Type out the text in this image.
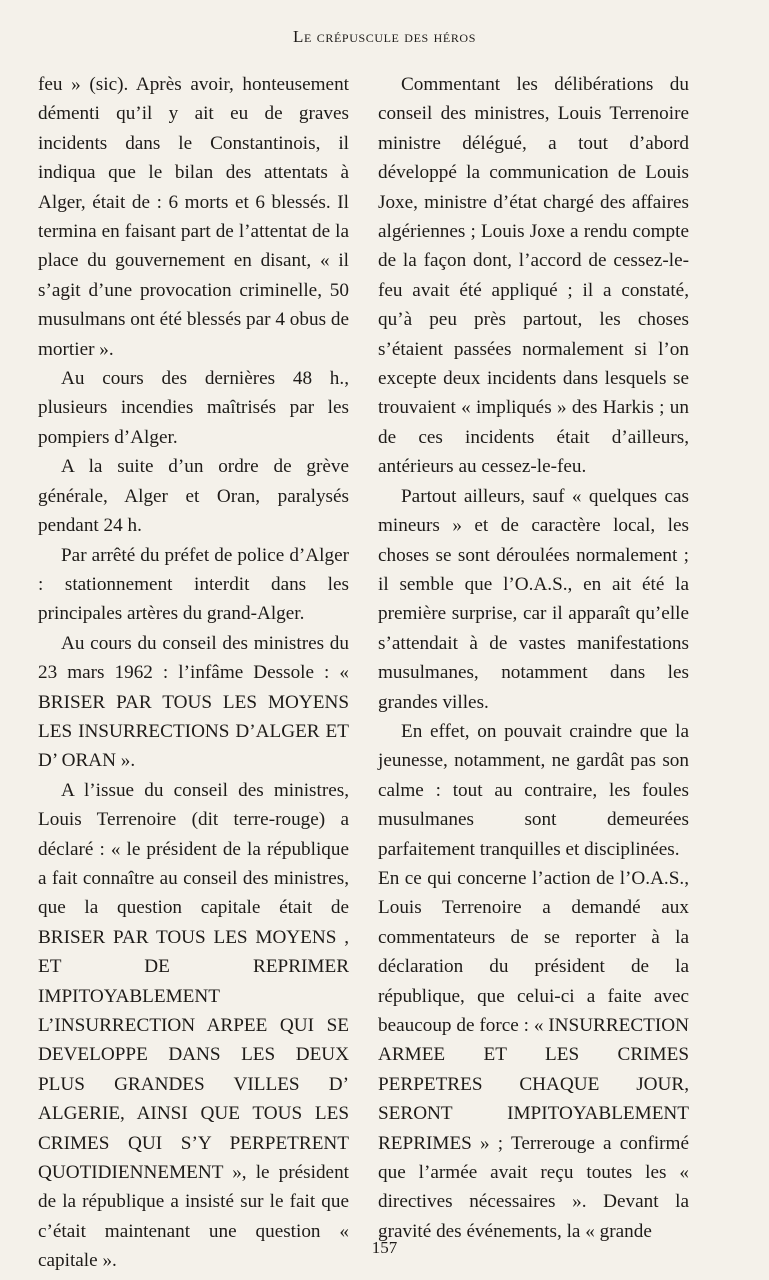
Le crépuscule des héros

feu » (sic). Après avoir, honteusement démenti qu’il y ait eu de graves incidents dans le Constantinois, il indiqua que le bilan des attentats à Alger, était de : 6 morts et 6 blessés. Il termina en faisant part de l’attentat de la place du gouvernement en disant, « il s’agit d’une provocation criminelle, 50 musulmans ont été blessés par 4 obus de mortier ».

Au cours des dernières 48 h., plusieurs incendies maîtrisés par les pompiers d’Alger.

A la suite d’un ordre de grève générale, Alger et Oran, paralysés pendant 24 h.

Par arrêté du préfet de police d’Alger : stationnement interdit dans les principales artères du grand-Alger.

Au cours du conseil des ministres du 23 mars 1962 : l’infâme Dessole : « BRISER PAR TOUS LES MOYENS LES INSURRECTIONS D’ALGER ET D’ ORAN ».

A l’issue du conseil des ministres, Louis Terrenoire (dit terre-rouge) a déclaré : « le président de la république a fait connaître au conseil des ministres, que la question capitale était de BRISER PAR TOUS LES MOYENS , ET DE REPRIMER IMPITOYABLEMENT L’INSURRECTION ARPEE QUI SE DEVELOPPE DANS LES DEUX PLUS GRANDES VILLES D’ ALGERIE, AINSI QUE TOUS LES CRIMES QUI S’Y PERPETRENT QUOTIDIENNEMENT », le président de la république a insisté sur le fait que c’était maintenant une question « capitale ».

Commentant les délibérations du conseil des ministres, Louis Terrenoire ministre délégué, a tout d’abord développé la communication de Louis Joxe, ministre d’état chargé des affaires algériennes ; Louis Joxe a rendu compte de la façon dont, l’accord de cessez-le-feu avait été appliqué ; il a constaté, qu’à peu près partout, les choses s’étaient passées normalement si l’on excepte deux incidents dans lesquels se trouvaient « impliqués » des Harkis ; un de ces incidents était d’ailleurs, antérieurs au cessez-le-feu.

Partout ailleurs, sauf « quelques cas mineurs » et de caractère local, les choses se sont déroulées normalement ; il semble que l’O.A.S., en ait été la première surprise, car il apparaît qu’elle s’attendait à de vastes manifestations musulmanes, notamment dans les grandes villes.

En effet, on pouvait craindre que la jeunesse, notamment, ne gardât pas son calme : tout au contraire, les foules musulmanes sont demeurées parfaitement tranquilles et disciplinées.

En ce qui concerne l’action de l’O.A.S., Louis Terrenoire a demandé aux commentateurs de se reporter à la déclaration du président de la république, que celui-ci a faite avec beaucoup de force : « INSURRECTION ARMEE ET LES CRIMES PERPETRES CHAQUE JOUR, SERONT IMPITOYABLEMENT REPRIMES » ; Terrerouge a confirmé que l’armée avait reçu toutes les « directives nécessaires ». Devant la gravité des événements, la « grande

157
